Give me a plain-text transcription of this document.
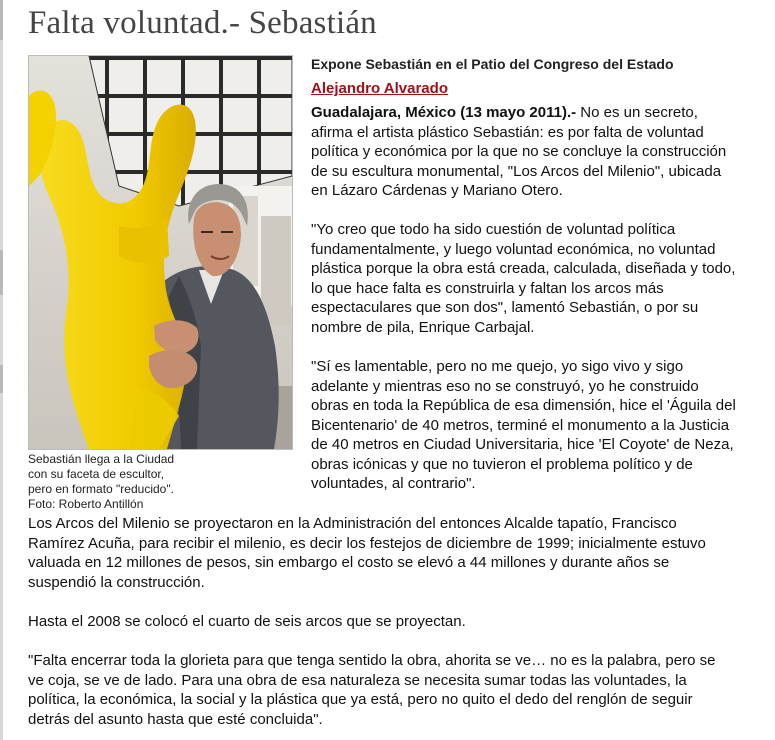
Falta voluntad.- Sebastián
Sebastián llega a la Ciudad
con su faceta de escultor,
pero en formato "reducido".
Foto: Roberto Antillón
Expone Sebastián en el Patio del Congreso del Estado
Alejandro Alvarado
Guadalajara, México (13 mayo 2011).- No es un secreto,
afirma el artista plástico Sebastián: es por falta de voluntad
política y económica por la que no se concluye la construcción
de su escultura monumental, "Los Arcos del Milenio", ubicada
en Lázaro Cárdenas y Mariano Otero.
"Yo creo que todo ha sido cuestión de voluntad política
fundamentalmente, y luego voluntad económica, no voluntad
plástica porque la obra está creada, calculada, diseñada y todo,
lo que hace falta es construirla y faltan los arcos más
espectaculares que son dos", lamentó Sebastián, o por su
nombre de pila, Enrique Carbajal.
"Sí es lamentable, pero no me quejo, yo sigo vivo y sigo
adelante y mientras eso no se construyó, yo he construido
obras en toda la República de esa dimensión, hice el 'Águila del
Bicentenario' de 40 metros, terminé el monumento a la Justicia
de 40 metros en Ciudad Universitaria, hice 'El Coyote' de Neza,
obras icónicas y que no tuvieron el problema político y de
voluntades, al contrario".
Los Arcos del Milenio se proyectaron en la Administración del entonces Alcalde tapatío, Francisco
Ramírez Acuña, para recibir el milenio, es decir los festejos de diciembre de 1999; inicialmente estuvo
valuada en 12 millones de pesos, sin embargo el costo se elevó a 44 millones y durante años se
suspendió la construcción.
Hasta el 2008 se colocó el cuarto de seis arcos que se proyectan.
"Falta encerrar toda la glorieta para que tenga sentido la obra, ahorita se ve… no es la palabra, pero se
ve coja, se ve de lado. Para una obra de esa naturaleza se necesita sumar todas las voluntades, la
política, la económica, la social y la plástica que ya está, pero no quito el dedo del renglón de seguir
detrás del asunto hasta que esté concluida".
